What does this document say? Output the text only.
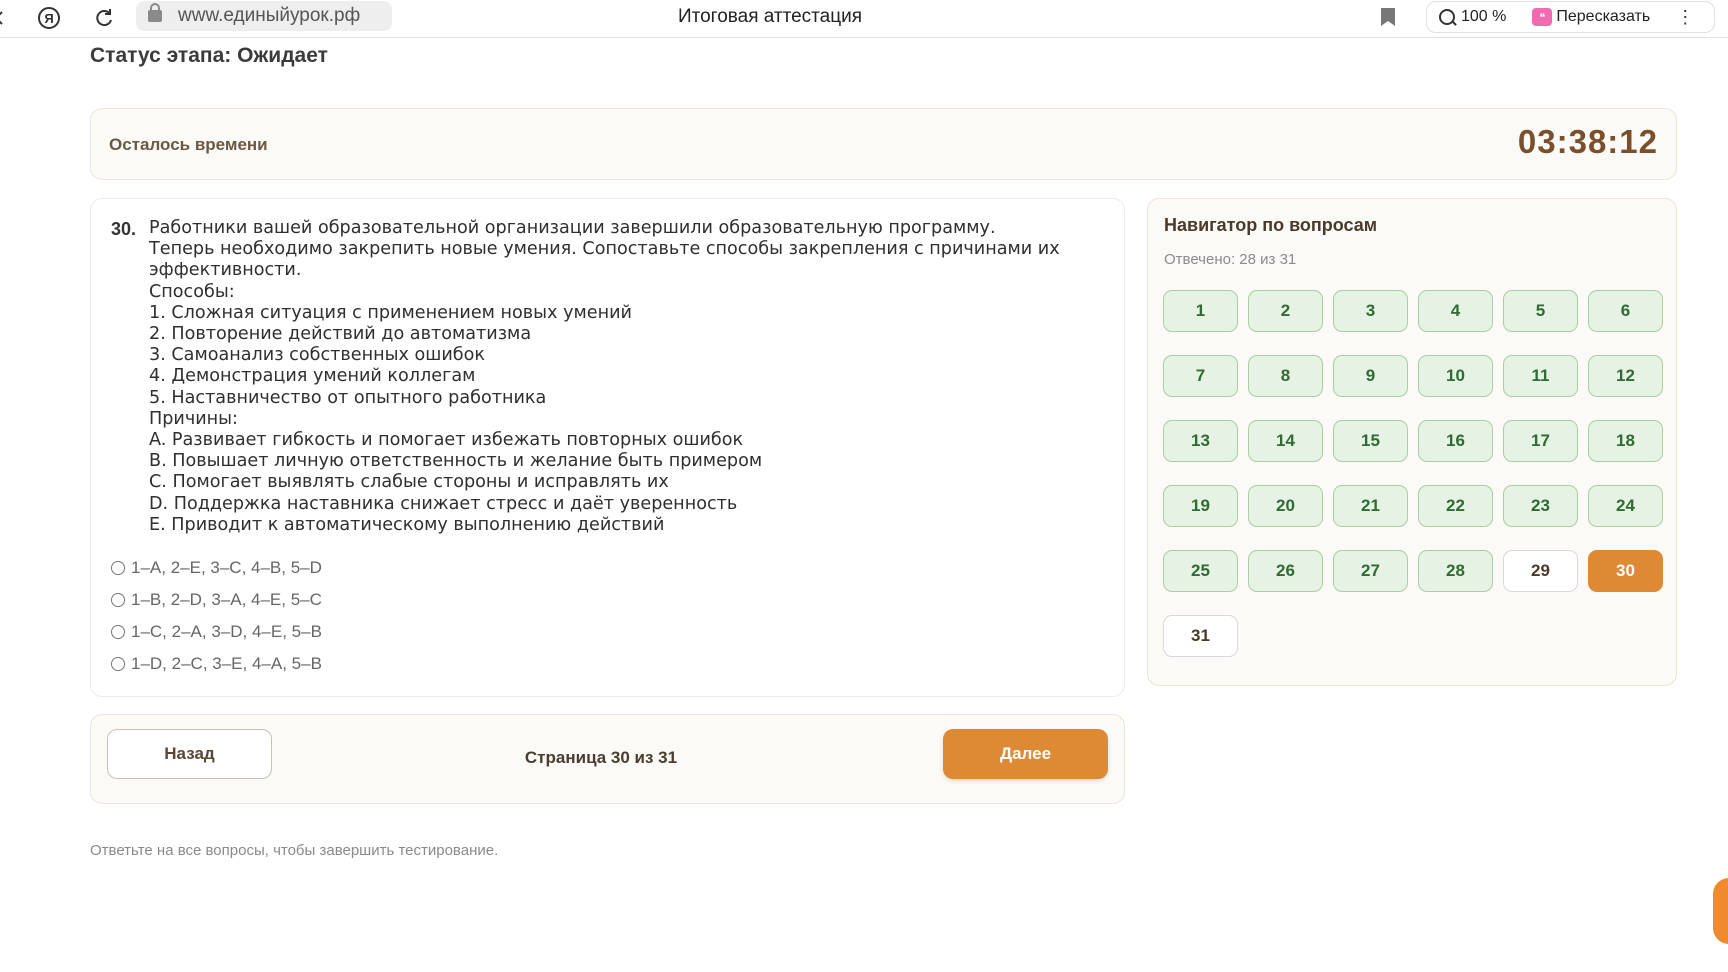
Я	www.единыйурок.рф	Итоговая аттестация	100 %	❝ Пересказать ⋮
Статус этапа: Ожидает
Осталось времени	03:38:12
30. Работники вашей образовательной организации завершили образовательную программу.
Теперь необходимо закрепить новые умения. Сопоставьте способы закрепления с причинами их
эффективности.
Способы:
1. Сложная ситуация с применением новых умений
2. Повторение действий до автоматизма
3. Самоанализ собственных ошибок
4. Демонстрация умений коллегам
5. Наставничество от опытного работника
Причины:
A. Развивает гибкость и помогает избежать повторных ошибок
B. Повышает личную ответственность и желание быть примером
C. Помогает выявлять слабые стороны и исправлять их
D. Поддержка наставника снижает стресс и даёт уверенность
E. Приводит к автоматическому выполнению действий
1–A, 2–E, 3–C, 4–B, 5–D
1–B, 2–D, 3–A, 4–E, 5–C
1–C, 2–A, 3–D, 4–E, 5–B
1–D, 2–C, 3–E, 4–A, 5–B
Назад	Страница 30 из 31	Далее
Ответьте на все вопросы, чтобы завершить тестирование.
Навигатор по вопросам
Отвечено: 28 из 31
1	2	3	4	5	6
7	8	9	10	11	12
13	14	15	16	17	18
19	20	21	22	23	24
25	26	27	28	29	30
31
